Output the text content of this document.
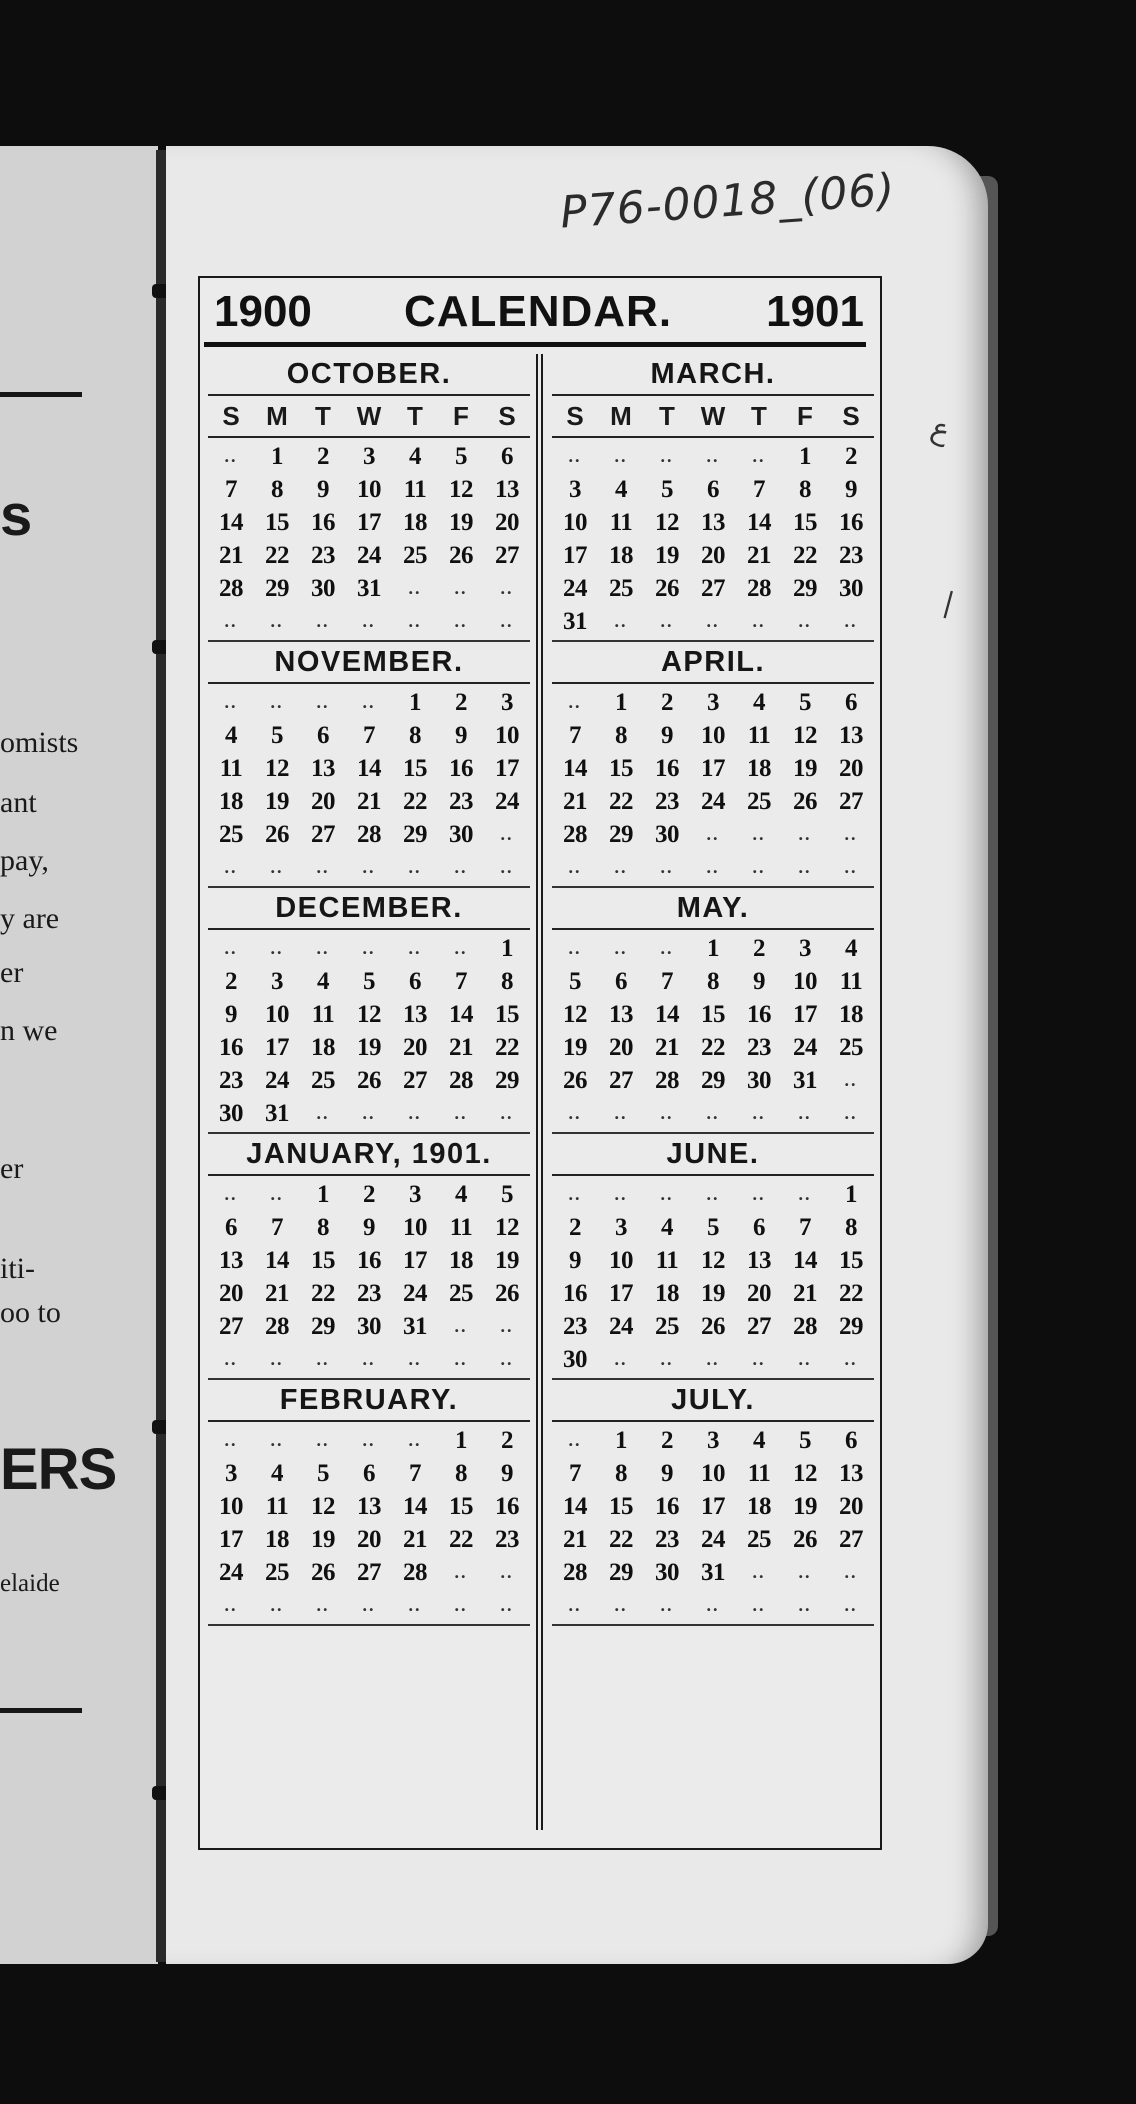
s
omists
ant
pay,
y are
er
n we
er
iti-
oo to
ERS
elaide
P76-0018_(06)
ع
|
1900	CALENDAR.	1901
OCTOBER.
S	M	T W T	F	S
..	1	2	3	4	5	6
7	8	9	10 11 12 13
14 15 16 17 18 19 20
21 22 23 24 25 26 27
28 29 30 31	..	..	..
..	..	..	..	..	..	..
NOVEMBER.
..	..	..	..	1	2	3
4	5	6	7	8	9	10
11 12 13 14 15 16 17
18 19 20 21 22 23 24
25 26 27 28 29 30	..
..	..	..	..	..	..	..
DECEMBER.
..	..	..	..	..	..	1
2	3	4	5	6	7	8
9	10 11 12 13 14 15
16 17 18 19 20 21 22
23 24 25 26 27 28 29
30 31	..	..	..	..	..
JANUARY, 1901.
..	..	1	2	3	4	5
6	7	8	9	10 11 12
13 14 15 16 17 18 19
20 21 22 23 24 25 26
27 28 29 30 31	..	..
..	..	..	..	..	..	..
FEBRUARY.
..	..	..	..	..	1	2
3	4	5	6	7	8	9
10 11 12 13 14 15 16
17 18 19 20 21 22 23
24 25 26 27 28	..	..
..	..	..	..	..	..	..
MARCH.
S	M	T W T	F	S
..	..	..	..	..	1	2
3	4	5	6	7	8	9
10 11 12 13 14 15 16
17 18 19 20 21 22 23
24 25 26 27 28 29 30
31	..	..	..	..	..	..
APRIL.
..	1	2	3	4	5	6
7	8	9	10 11 12 13
14 15 16 17 18 19 20
21 22 23 24 25 26 27
28 29 30	..	..	..	..
..	..	..	..	..	..	..
MAY.
..	..	..	1	2	3	4
5	6	7	8	9	10 11
12 13 14 15 16 17 18
19 20 21 22 23 24 25
26 27 28 29 30 31	..
..	..	..	..	..	..	..
JUNE.
..	..	..	..	..	..	1
2	3	4	5	6	7	8
9	10 11 12 13 14 15
16 17 18 19 20 21 22
23 24 25 26 27 28 29
30	..	..	..	..	..	..
JULY.
..	1	2	3	4	5	6
7	8	9	10 11 12 13
14 15 16 17 18 19 20
21 22 23 24 25 26 27
28 29 30 31	..	..	..
..	..	..	..	..	..	..
